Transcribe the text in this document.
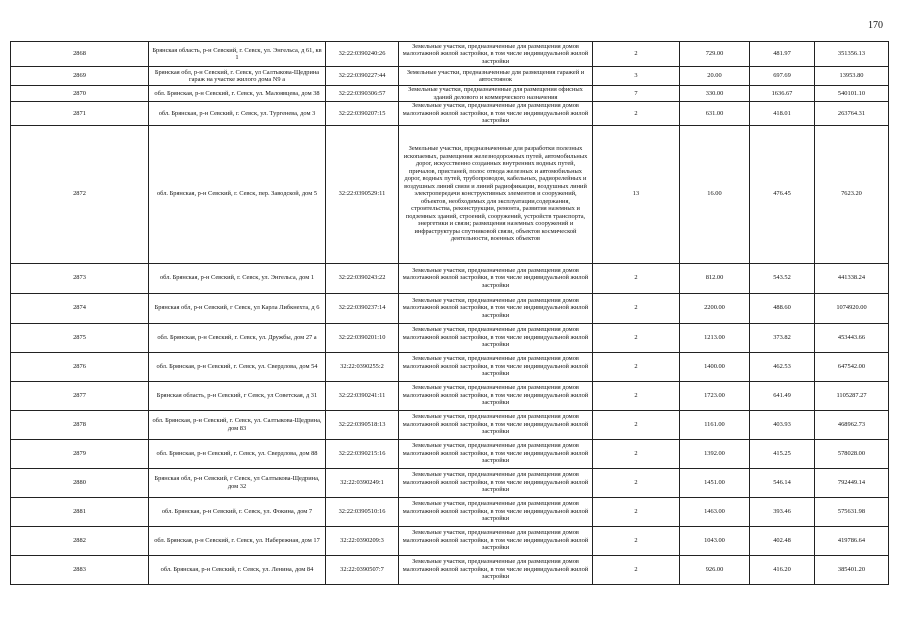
170
2868	Брянская область, р-н Севский, г. Севск, ул. Энгельса, д 61, кв 1	32:22:0390240:26	Земельные участки, предназначенные для размещения домов малоэтажной жилой застройки, в том числе индивидуальной жилой застройки	2	729.00	481.97	351356.13
2869	Брянская обл, р-н Севский, г. Севск, ул Салтыкова-Щедрина гараж на участке жилого дома N9 а	32:22:0390227:44	Земельные участки, предназначенные для размещения гаражей и автостоянок	3	20.00	697.69	13953.80
2870	обл. Брянская, р-н Севский, г. Севск, ул. Малоявцева, дом 38	32:22:0390306:57	Земельные участки, предназначенные для размещения офисных зданий делового и коммерческого назначения	7	330.00	1636.67	540101.10
2871	обл. Брянская, р-н Севский, г. Севск, ул. Тургенева, дом 3	32:22:0390207:15	Земельные участки, предназначенные для размещения домов малоэтажной жилой застройки, в том числе индивидуальной жилой застройки	2	631.00	418.01	263764.31
2872	обл. Брянская, р-н Севский, г. Севск, пер. Заводской, дом 5	32:22:0390529:11	Земельные участки, предназначенные для разработки полезных ископаемых, размещения железнодорожных путей, автомобильных дорог, искусственно созданных внутренних водных путей, причалов, пристаней, полос отвода железных и автомобильных дорог, водных путей, трубопроводов, кабельных, радиорелейных и воздушных линий связи и линий радиофикации, воздушных линий электропередачи конструктивных элементов и сооружений, объектов, необходимых для эксплуатации,содержания, строительства, реконструкции, ремонта, развития наземных и подземных зданий, строений, сооружений, устройств транспорта, энергетики и связи; размещения наземных сооружений и инфраструктуры спутниковой связи, объектов космической деятельности, военных объектов	13	16.00	476.45	7623.20
2873	обл. Брянская, р-н Севский, г. Севск, ул. Энгельса, дом 1	32:22:0390243:22	Земельные участки, предназначенные для размещения домов малоэтажной жилой застройки, в том числе индивидуальной жилой застройки	2	812.00	543.52	441338.24
2874	Брянская обл, р-н Севский, г Севск, ул Карла Либкнехта, д 6	32:22:0390237:14	Земельные участки, предназначенные для размещения домов малоэтажной жилой застройки, в том числе индивидуальной жилой застройки	2	2200.00	488.60	1074920.00
2875	обл. Брянская, р-н Севский, г. Севск, ул. Дружбы, дом 27 а	32:22:0390201:10	Земельные участки, предназначенные для размещения домов малоэтажной жилой застройки, в том числе индивидуальной жилой застройки	2	1213.00	373.82	453443.66
2876	обл. Брянская, р-н Севский, г. Севск, ул. Свердлова, дом 54	32:22:0390255:2	Земельные участки, предназначенные для размещения домов малоэтажной жилой застройки, в том числе индивидуальной жилой застройки	2	1400.00	462.53	647542.00
2877	Брянская область, р-н Севский, г Севск, ул Советская, д 31	32:22:0390241:11	Земельные участки, предназначенные для размещения домов малоэтажной жилой застройки, в том числе индивидуальной жилой застройки	2	1723.00	641.49	1105287.27
2878	обл. Брянская, р-н Севский, г. Севск, ул. Салтыкова-Щедрина, дом 83	32:22:0390518:13	Земельные участки, предназначенные для размещения домов малоэтажной жилой застройки, в том числе индивидуальной жилой застройки	2	1161.00	403.93	468962.73
2879	обл. Брянская, р-н Севский, г. Севск, ул. Свердлова, дом 88	32:22:0390215:16	Земельные участки, предназначенные для размещения домов малоэтажной жилой застройки, в том числе индивидуальной жилой застройки	2	1392.00	415.25	578028.00
2880	Брянская обл, р-н Севский, г Севск, ул Салтыкова-Щедрина, дом 32	32:22:0390249:1	Земельные участки, предназначенные для размещения домов малоэтажной жилой застройки, в том числе индивидуальной жилой застройки	2	1451.00	546.14	792449.14
2881	обл. Брянская, р-н Севский, г. Севск, ул. Фокина, дом 7	32:22:0390510:16	Земельные участки, предназначенные для размещения домов малоэтажной жилой застройки, в том числе индивидуальной жилой застройки	2	1463.00	393.46	575631.98
2882	обл. Брянская, р-н Севский, г. Севск, ул. Набережная, дом 17	32:22:0390209:3	Земельные участки, предназначенные для размещения домов малоэтажной жилой застройки, в том числе индивидуальной жилой застройки	2	1043.00	402.48	419786.64
2883	обл. Брянская, р-н Севский, г. Севск, ул. Ленина, дом 84	32:22:0390507:7	Земельные участки, предназначенные для размещения домов малоэтажной жилой застройки, в том числе индивидуальной жилой застройки	2	926.00	416.20	385401.20
